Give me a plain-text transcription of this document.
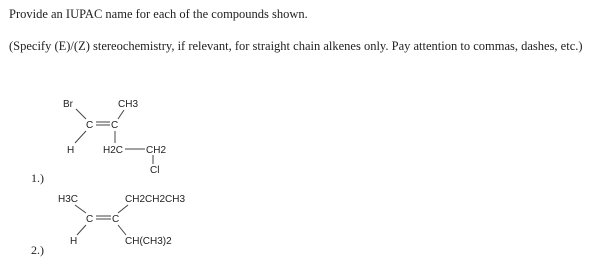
Provide an IUPAC name for each of the compounds shown.
(Specify (E)/(Z) stereochemistry, if relevant, for straight chain alkenes only. Pay attention to commas, dashes, etc.)
1.)
2.)
Br	CH3
C C
H	H2C CH2
Cl
H3C	CH2CH2CH3
C C
H	CH(CH3)2
